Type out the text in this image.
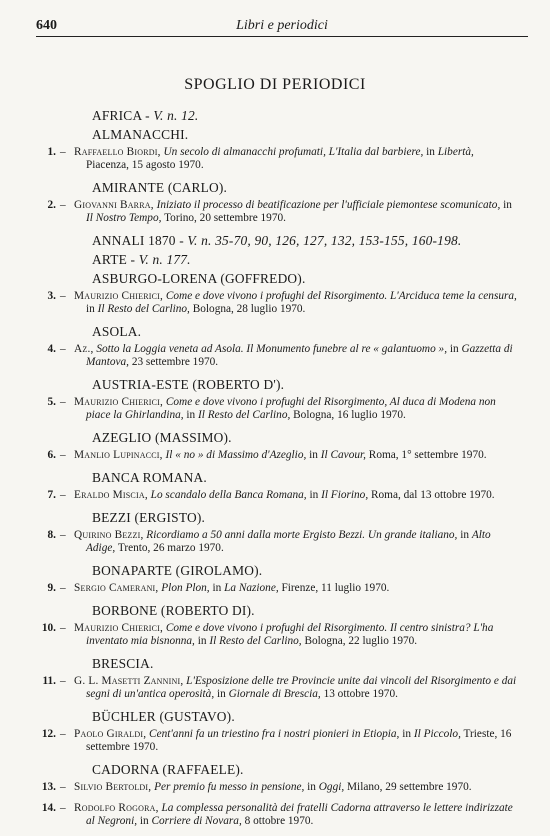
640	Libri e periodici
SPOGLIO DI PERIODICI
AFRICA - V. n. 12.
ALMANACCHI.
1. – Raffaello Biordi, Un secolo di almanacchi profumati, L'Italia dal barbiere, in Libertà, Piacenza, 15 agosto 1970.
AMIRANTE (CARLO).
2. – Giovanni Barra, Iniziato il processo di beatificazione per l'ufficiale piemontese scomunicato, in Il Nostro Tempo, Torino, 20 settembre 1970.
ANNALI 1870 - V. n. 35-70, 90, 126, 127, 132, 153-155, 160-198.
ARTE - V. n. 177.
ASBURGO-LORENA (GOFFREDO).
3. – Maurizio Chierici, Come e dove vivono i profughi del Risorgimento. L'Arciduca teme la censura, in Il Resto del Carlino, Bologna, 28 luglio 1970.
ASOLA.
4. – Az., Sotto la Loggia veneta ad Asola. Il Monumento funebre al re « galantuomo », in Gazzetta di Mantova, 23 settembre 1970.
AUSTRIA-ESTE (ROBERTO D').
5. – Maurizio Chierici, Come e dove vivono i profughi del Risorgimento, Al duca di Modena non piace la Ghirlandina, in Il Resto del Carlino, Bologna, 16 luglio 1970.
AZEGLIO (MASSIMO).
6. – Manlio Lupinacci, Il « no » di Massimo d'Azeglio, in Il Cavour, Roma, 1° settembre 1970.
BANCA ROMANA.
7. – Eraldo Miscia, Lo scandalo della Banca Romana, in Il Fiorino, Roma, dal 13 ottobre 1970.
BEZZI (ERGISTO).
8. – Quirino Bezzi, Ricordiamo a 50 anni dalla morte Ergisto Bezzi. Un grande italiano, in Alto Adige, Trento, 26 marzo 1970.
BONAPARTE (GIROLAMO).
9. – Sergio Camerani, Plon Plon, in La Nazione, Firenze, 11 luglio 1970.
BORBONE (ROBERTO DI).
10. – Maurizio Chierici, Come e dove vivono i profughi del Risorgimento. Il centro sinistra? L'ha inventato mia bisnonna, in Il Resto del Carlino, Bologna, 22 luglio 1970.
BRESCIA.
11. – G. L. Masetti Zannini, L'Esposizione delle tre Provincie unite dai vincoli del Risorgimento e dai segni di un'antica operosità, in Giornale di Brescia, 13 ottobre 1970.
BÜCHLER (GUSTAVO).
12. – Paolo Giraldi, Cent'anni fa un triestino fra i nostri pionieri in Etiopia, in Il Piccolo, Trieste, 16 settembre 1970.
CADORNA (RAFFAELE).
13. – Silvio Bertoldi, Per premio fu messo in pensione, in Oggi, Milano, 29 settembre 1970.
14. – Rodolfo Rogora, La complessa personalità dei fratelli Cadorna attraverso le lettere indirizzate al Negroni, in Corriere di Novara, 8 ottobre 1970.
